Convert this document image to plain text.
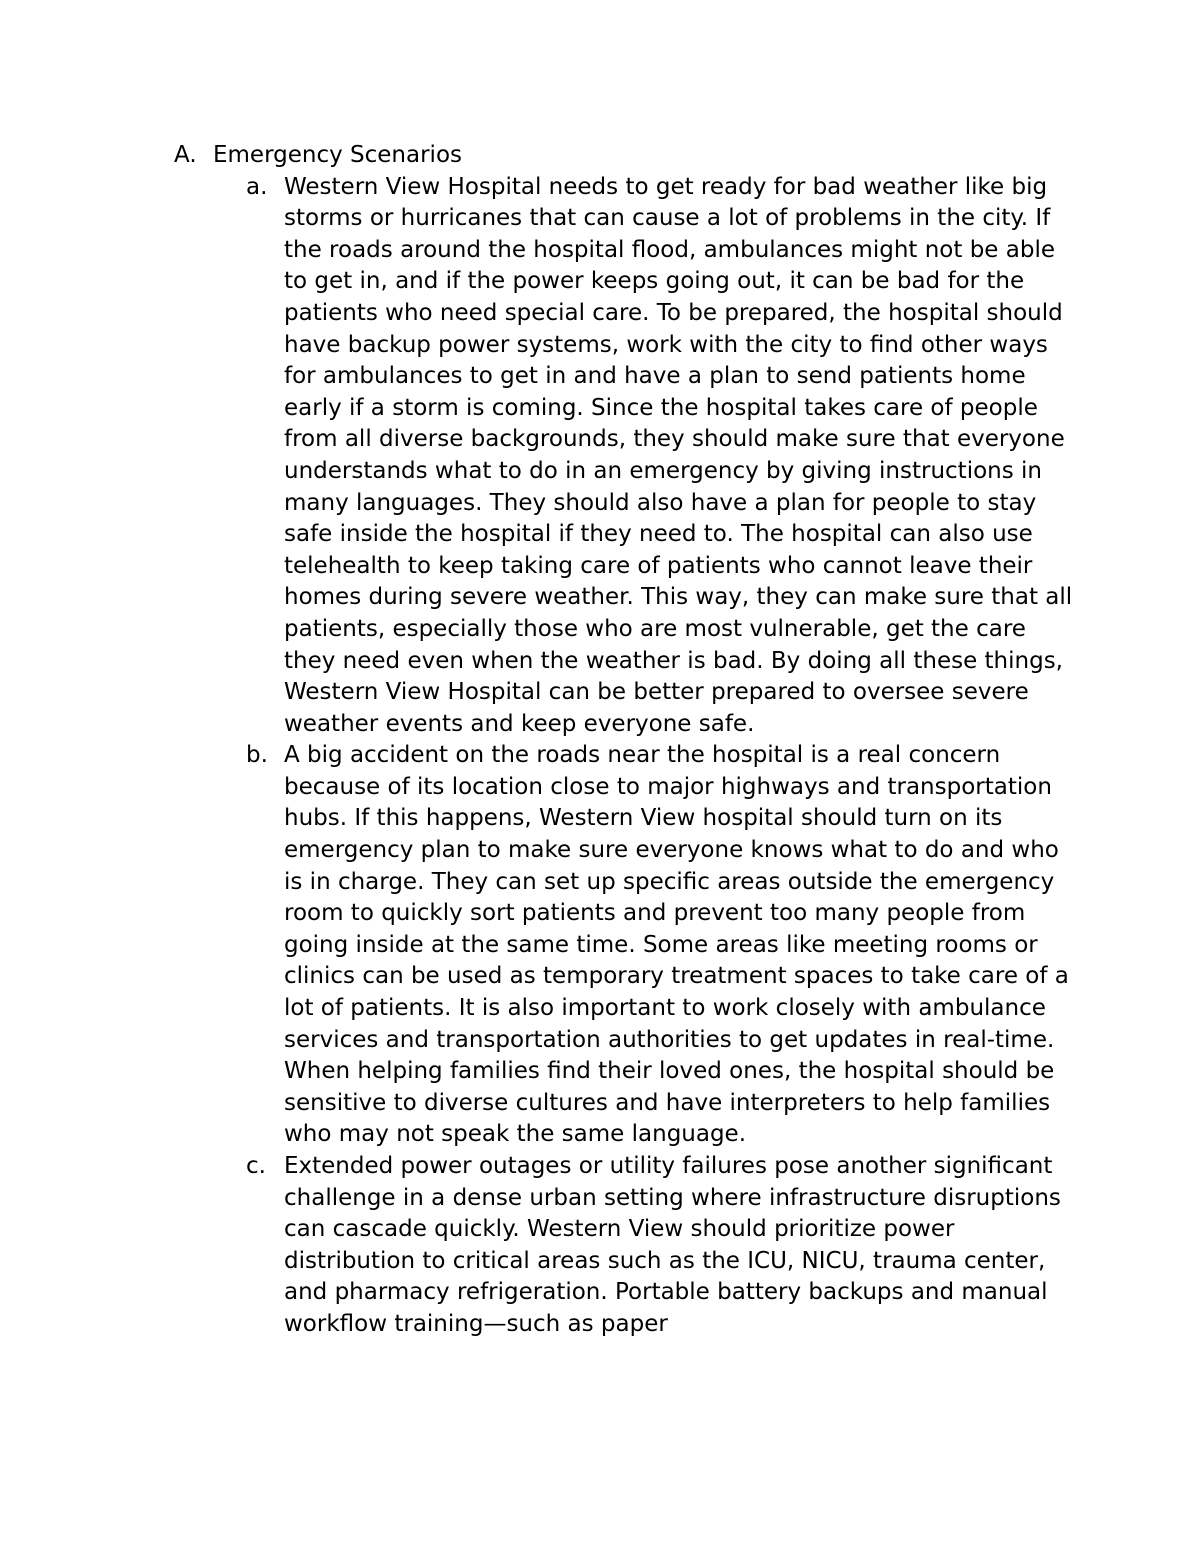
A. Emergency Scenarios
a. Western View Hospital needs to get ready for bad weather like big storms or hurricanes that can cause a lot of problems in the city. If the roads around the hospital flood, ambulances might not be able to get in, and if the power keeps going out, it can be bad for the patients who need special care. To be prepared, the hospital should have backup power systems, work with the city to find other ways for ambulances to get in and have a plan to send patients home early if a storm is coming. Since the hospital takes care of people from all diverse backgrounds, they should make sure that everyone understands what to do in an emergency by giving instructions in many languages. They should also have a plan for people to stay safe inside the hospital if they need to. The hospital can also use telehealth to keep taking care of patients who cannot leave their homes during severe weather. This way, they can make sure that all patients, especially those who are most vulnerable, get the care they need even when the weather is bad. By doing all these things, Western View Hospital can be better prepared to oversee severe weather events and keep everyone safe.
b. A big accident on the roads near the hospital is a real concern because of its location close to major highways and transportation hubs. If this happens, Western View hospital should turn on its emergency plan to make sure everyone knows what to do and who is in charge. They can set up specific areas outside the emergency room to quickly sort patients and prevent too many people from going inside at the same time. Some areas like meeting rooms or clinics can be used as temporary treatment spaces to take care of a lot of patients. It is also important to work closely with ambulance services and transportation authorities to get updates in real-time. When helping families find their loved ones, the hospital should be sensitive to diverse cultures and have interpreters to help families who may not speak the same language.
c. Extended power outages or utility failures pose another significant challenge in a dense urban setting where infrastructure disruptions can cascade quickly. Western View should prioritize power distribution to critical areas such as the ICU, NICU, trauma center, and pharmacy refrigeration. Portable battery backups and manual workflow training—such as paper
